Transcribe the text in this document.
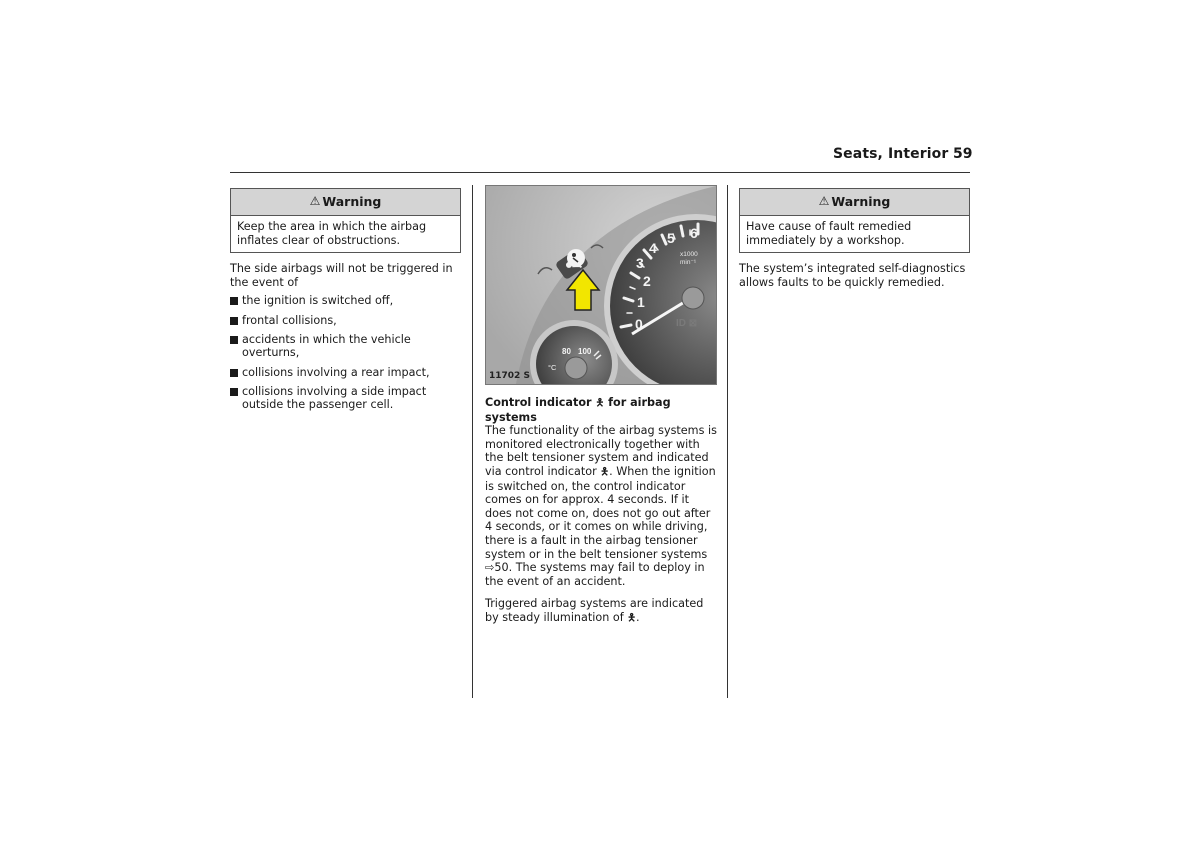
Seats, Interior 59
⚠ Warning
Keep the area in which the airbag inflates clear of obstructions.

The side airbags will not be triggered in the event of

the ignition is switched off,
frontal collisions,
accidents in which the vehicle overturns,
collisions involving a rear impact,
collisions involving a side impact outside the passenger cell.
0
1
2
3
4
5 6
x1000
min⁻¹
ID ⊠
80 100
°C
11702 S

Control indicator 🯅 for airbag systems
The functionality of the airbag systems is monitored electronically together with the belt tensioner system and indicated via control indicator 🯅. When the ignition is switched on, the control indicator comes on for approx. 4 seconds. If it does not come on, does not go out after 4 seconds, or it comes on while driving, there is a fault in the airbag tensioner system or in the belt tensioner systems ⇨50. The systems may fail to deploy in the event of an accident.

Triggered airbag systems are indicated by steady illumination of 🯅.

⚠ Warning
Have cause of fault remedied immediately by a workshop.

The system’s integrated self-diagnostics allows faults to be quickly remedied.
